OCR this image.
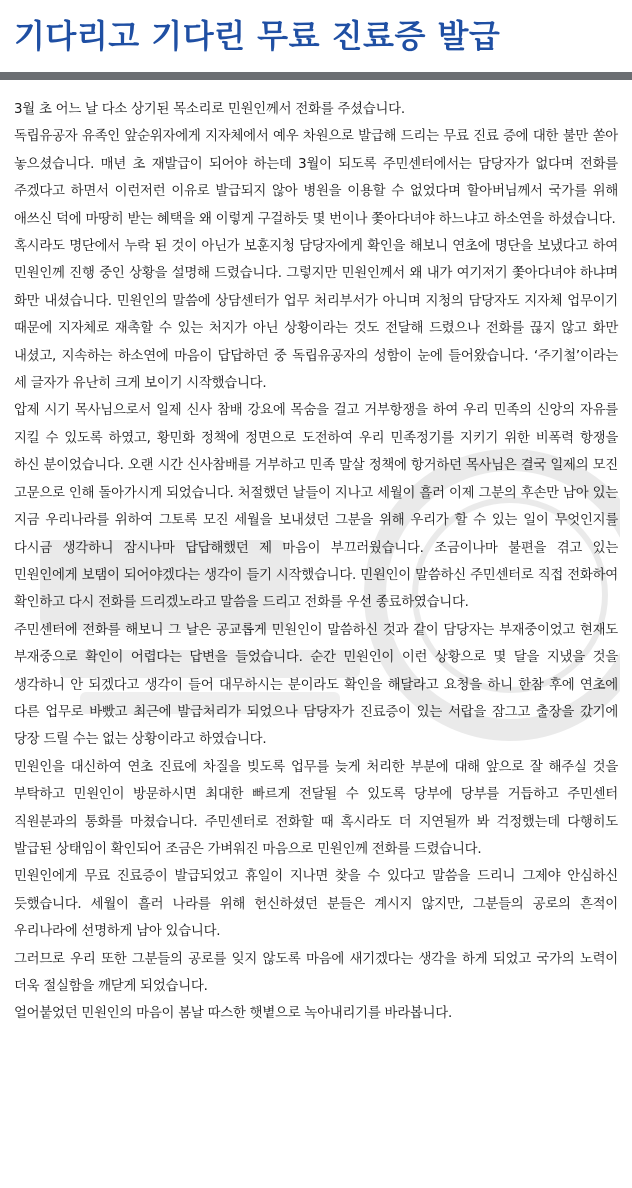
기다리고 기다린 무료 진료증 발급

3월 초 어느 날 다소 상기된 목소리로 민원인께서 전화를 주셨습니다.

독립유공자 유족인 앞순위자에게 지자체에서 예우 차원으로 발급해 드리는 무료 진료 증에 대한 불만 쏟아 놓으셨습니다. 매년 초 재발급이 되어야 하는데 3월이 되도록 주민센터에서는 담당자가 없다며 전화를 주겠다고 하면서 이런저런 이유로 발급되지 않아 병원을 이용할 수 없었다며 할아버님께서 국가를 위해 애쓰신 덕에 마땅히 받는 혜택을 왜 이렇게 구걸하듯 몇 번이나 쫓아다녀야 하느냐고 하소연을 하셨습니다.

혹시라도 명단에서 누락 된 것이 아닌가 보훈지청 담당자에게 확인을 해보니 연초에 명단을 보냈다고 하여 민원인께 진행 중인 상황을 설명해 드렸습니다. 그렇지만 민원인께서 왜 내가 여기저기 쫓아다녀야 하냐며 화만 내셨습니다. 민원인의 말씀에 상담센터가 업무 처리부서가 아니며 지청의 담당자도 지자체 업무이기 때문에 지자체로 재촉할 수 있는 처지가 아닌 상황이라는 것도 전달해 드렸으나 전화를 끊지 않고 화만 내셨고, 지속하는 하소연에 마음이 답답하던 중 독립유공자의 성함이 눈에 들어왔습니다. ‘주기철’이라는 세 글자가 유난히 크게 보이기 시작했습니다.

압제 시기 목사님으로서 일제 신사 참배 강요에 목숨을 걸고 거부항쟁을 하여 우리 민족의 신앙의 자유를 지킬 수 있도록 하였고, 황민화 정책에 정면으로 도전하여 우리 민족정기를 지키기 위한 비폭력 항쟁을 하신 분이었습니다. 오랜 시간 신사참배를 거부하고 민족 말살 정책에 항거하던 목사님은 결국 일제의 모진 고문으로 인해 돌아가시게 되었습니다. 처절했던 날들이 지나고 세월이 흘러 이제 그분의 후손만 남아 있는 지금 우리나라를 위하여 그토록 모진 세월을 보내셨던 그분을 위해 우리가 할 수 있는 일이 무엇인지를 다시금 생각하니 잠시나마 답답해했던 제 마음이 부끄러웠습니다. 조금이나마 불편을 겪고 있는 민원인에게 보탬이 되어야겠다는 생각이 들기 시작했습니다. 민원인이 말씀하신 주민센터로 직접 전화하여 확인하고 다시 전화를 드리겠노라고 말씀을 드리고 전화를 우선 종료하였습니다.

주민센터에 전화를 해보니 그 날은 공교롭게 민원인이 말씀하신 것과 같이 담당자는 부재중이었고 현재도 부재중으로 확인이 어렵다는 답변을 들었습니다. 순간 민원인이 이런 상황으로 몇 달을 지냈을 것을 생각하니 안 되겠다고 생각이 들어 대무하시는 분이라도 확인을 해달라고 요청을 하니 한참 후에 연초에 다른 업무로 바빴고 최근에 발급처리가 되었으나 담당자가 진료증이 있는 서랍을 잠그고 출장을 갔기에 당장 드릴 수는 없는 상황이라고 하였습니다.

민원인을 대신하여 연초 진료에 차질을 빚도록 업무를 늦게 처리한 부분에 대해 앞으로 잘 해주실 것을 부탁하고 민원인이 방문하시면 최대한 빠르게 전달될 수 있도록 당부에 당부를 거듭하고 주민센터 직원분과의 통화를 마쳤습니다. 주민센터로 전화할 때 혹시라도 더 지연될까 봐 걱정했는데 다행히도 발급된 상태임이 확인되어 조금은 가벼워진 마음으로 민원인께 전화를 드렸습니다.

민원인에게 무료 진료증이 발급되었고 휴일이 지나면 찾을 수 있다고 말씀을 드리니 그제야 안심하신 듯했습니다. 세월이 흘러 나라를 위해 헌신하셨던 분들은 계시지 않지만, 그분들의 공로의 흔적이 우리나라에 선명하게 남아 있습니다.

그러므로 우리 또한 그분들의 공로를 잊지 않도록 마음에 새기겠다는 생각을 하게 되었고 국가의 노력이 더욱 절실함을 깨닫게 되었습니다.

얼어붙었던 민원인의 마음이 봄날 따스한 햇볕으로 녹아내리기를 바라봅니다.
